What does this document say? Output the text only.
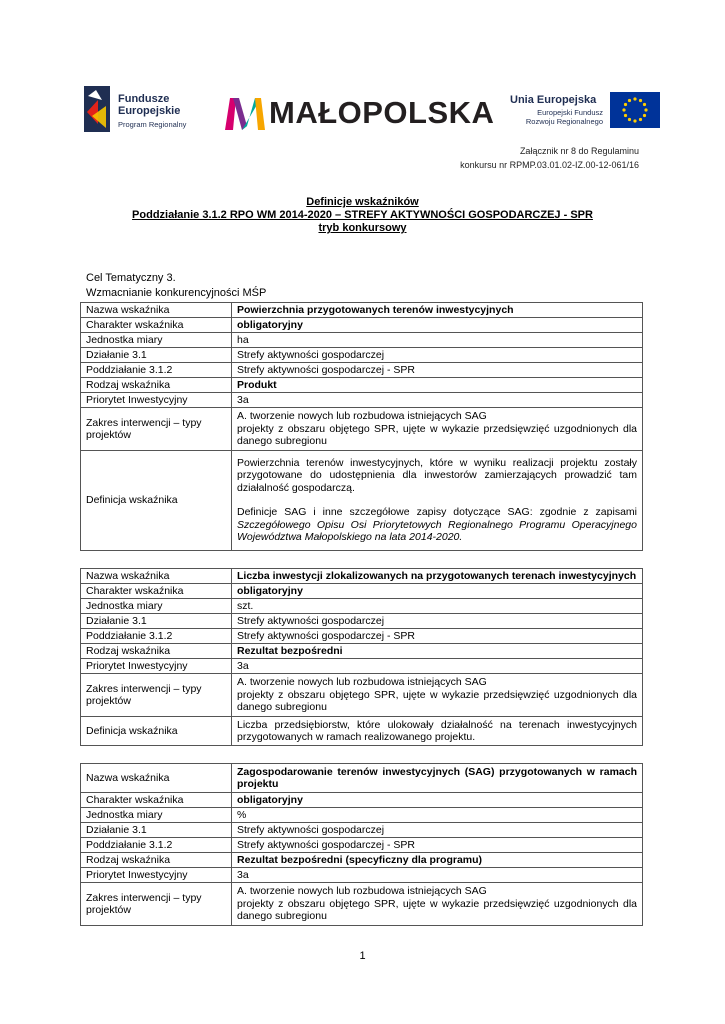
Fundusze
Europejskie
Program Regionalny	MAŁOPOLSKA Unia Europejska
Europejski Fundusz
Rozwoju Regionalnego
Załącznik nr 8 do Regulaminu
konkursu nr RPMP.03.01.02-IZ.00-12-061/16
Definicje wskaźników
Poddziałanie 3.1.2 RPO WM 2014-2020 – STREFY AKTYWNOŚCI GOSPODARCZEJ - SPR
tryb konkursowy
Cel Tematyczny 3.
Wzmacnianie konkurencyjności MŚP
Nazwa wskaźnika	Powierzchnia przygotowanych terenów inwestycyjnych
Charakter wskaźnika	obligatoryjny
Jednostka miary	ha
Działanie 3.1	Strefy aktywności gospodarczej
Poddziałanie 3.1.2	Strefy aktywności gospodarczej - SPR
Rodzaj wskaźnika	Produkt
Priorytet Inwestycyjny	3a
Zakres interwencji – typy projektów	A. tworzenie nowych lub rozbudowa istniejących SAG
projekty z obszaru objętego SPR, ujęte w wykazie przedsięwzięć uzgodnionych dla danego subregionu

Definicja wskaźnika	Powierzchnia terenów inwestycyjnych, które w wyniku realizacji projektu zostały przygotowane do udostępnienia dla inwestorów zamierzających prowadzić tam działalność gospodarczą.
Definicje SAG i inne szczegółowe zapisy dotyczące SAG: zgodnie z zapisami Szczegółowego Opisu Osi Priorytetowych Regionalnego Programu Operacyjnego Województwa Małopolskiego na lata 2014-2020.
Nazwa wskaźnika	Liczba inwestycji zlokalizowanych na przygotowanych terenach inwestycyjnych
Charakter wskaźnika	obligatoryjny
Jednostka miary	szt.
Działanie 3.1	Strefy aktywności gospodarczej
Poddziałanie 3.1.2	Strefy aktywności gospodarczej - SPR
Rodzaj wskaźnika	Rezultat bezpośredni
Priorytet Inwestycyjny	3a
Zakres interwencji – typy projektów	A. tworzenie nowych lub rozbudowa istniejących SAG
projekty z obszaru objętego SPR, ujęte w wykazie przedsięwzięć uzgodnionych dla danego subregionu

Definicja wskaźnika	Liczba przedsiębiorstw, które ulokowały działalność na terenach inwestycyjnych przygotowanych w ramach realizowanego projektu.
Nazwa wskaźnika	Zagospodarowanie terenów inwestycyjnych (SAG) przygotowanych w ramach projektu
Charakter wskaźnika	obligatoryjny
Jednostka miary	%
Działanie 3.1	Strefy aktywności gospodarczej
Poddziałanie 3.1.2	Strefy aktywności gospodarczej - SPR
Rodzaj wskaźnika	Rezultat bezpośredni (specyficzny dla programu)
Priorytet Inwestycyjny	3a
Zakres interwencji – typy projektów	A. tworzenie nowych lub rozbudowa istniejących SAG
projekty z obszaru objętego SPR, ujęte w wykazie przedsięwzięć uzgodnionych dla danego subregionu
1
